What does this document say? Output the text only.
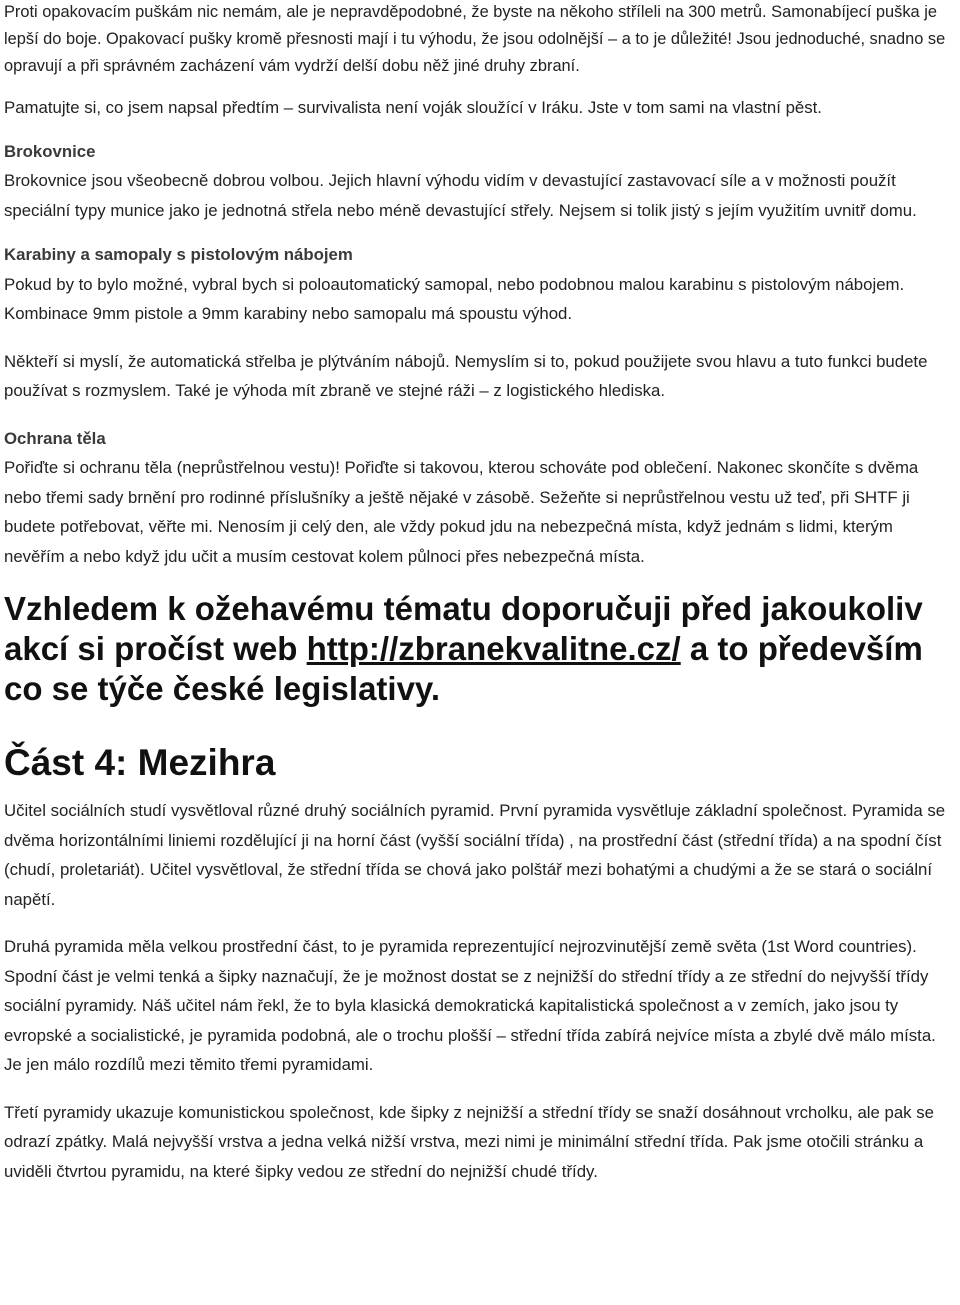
Proti opakovacím puškám nic nemám, ale je nepravděpodobné, že byste na někoho stříleli na 300 metrů. Samonabíjecí puška je lepší do boje. Opakovací pušky kromě přesnosti mají i tu výhodu, že jsou odolnější – a to je důležité! Jsou jednoduché, snadno se opravují a při správném zacházení vám vydrží delší dobu něž jiné druhy zbraní.

Pamatujte si, co jsem napsal předtím – survivalista není voják sloužící v Iráku. Jste v tom sami na vlastní pěst.

Brokovnice

Brokovnice jsou všeobecně dobrou volbou. Jejich hlavní výhodu vidím v devastující zastavovací síle a v možnosti použít speciální typy munice jako je jednotná střela nebo méně devastující střely. Nejsem si tolik jistý s jejím využitím uvnitř domu.

Karabiny a samopaly s pistolovým nábojem

Pokud by to bylo možné, vybral bych si poloautomatický samopal, nebo podobnou malou karabinu s pistolovým nábojem. Kombinace 9mm pistole a 9mm karabiny nebo samopalu má spoustu výhod.

Někteří si myslí, že automatická střelba je plýtváním nábojů. Nemyslím si to, pokud použijete svou hlavu a tuto funkci budete používat s rozmyslem. Také je výhoda mít zbraně ve stejné ráži – z logistického hlediska.

Ochrana těla

Pořiďte si ochranu těla (neprůstřelnou vestu)! Pořiďte si takovou, kterou schováte pod oblečení. Nakonec skončíte s dvěma nebo třemi sady brnění pro rodinné příslušníky a ještě nějaké v zásobě. Sežeňte si neprůstřelnou vestu už teď, při SHTF ji budete potřebovat, věřte mi. Nenosím ji celý den, ale vždy pokud jdu na nebezpečná místa, když jednám s lidmi, kterým nevěřím a nebo když jdu učit a musím cestovat kolem půlnoci přes nebezpečná místa.

Vzhledem k ožehavému tématu doporučuji před jakoukoliv akcí si pročíst web http://zbranekvalitne.cz/ a to především co se týče české legislativy.

Část 4: Mezihra

Učitel sociálních studí vysvětloval různé druhý sociálních pyramid. První pyramida vysvětluje základní společnost. Pyramida se dvěma horizontálními liniemi rozdělující ji na horní část (vyšší sociální třída) , na prostřední část (střední třída) a na spodní číst (chudí, proletariát). Učitel vysvětloval, že střední třída se chová jako polštář mezi bohatými a chudými a že se stará o sociální napětí.

Druhá pyramida měla velkou prostřední část, to je pyramida reprezentující nejrozvinutější země světa (1st Word countries). Spodní část je velmi tenká a šipky naznačují, že je možnost dostat se z nejnižší do střední třídy a ze střední do nejvyšší třídy sociální pyramidy. Náš učitel nám řekl, že to byla klasická demokratická kapitalistická společnost a v zemích, jako jsou ty evropské a socialistické, je pyramida podobná, ale o trochu plošší – střední třída zabírá nejvíce místa a zbylé dvě málo místa. Je jen málo rozdílů mezi těmito třemi pyramidami.

Třetí pyramidy ukazuje komunistickou společnost, kde šipky z nejnižší a střední třídy se snaží dosáhnout vrcholku, ale pak se odrazí zpátky. Malá nejvyšší vrstva a jedna velká nižší vrstva, mezi nimi je minimální střední třída. Pak jsme otočili stránku a uviděli čtvrtou pyramidu, na které šipky vedou ze střední do nejnižší chudé třídy.
